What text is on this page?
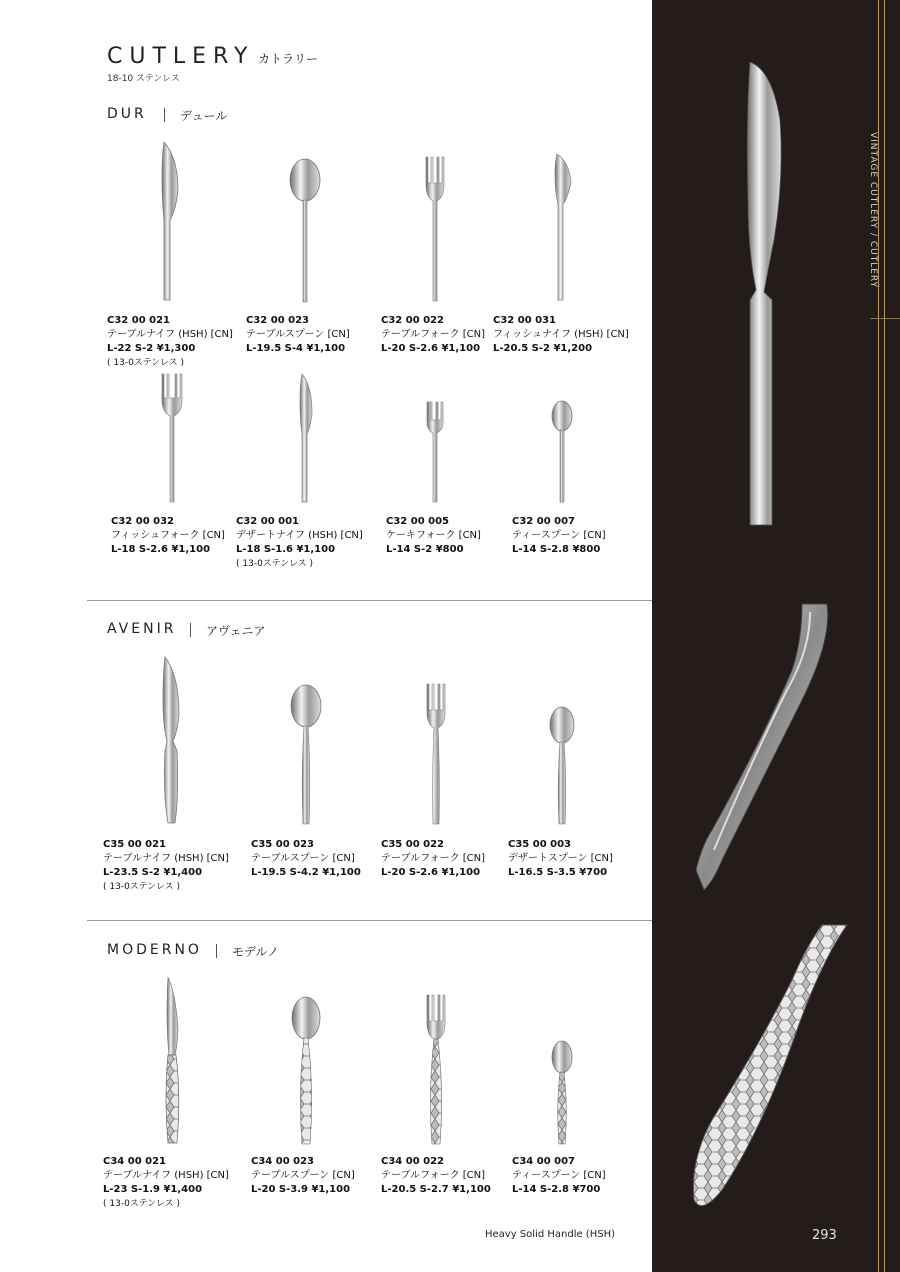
VINTAGE CUTLERY / CUTLERY
CUTLERY カトラリー
18-10 ステンレス
DUR	デュール
C32 00 021
テーブルナイフ (HSH) [CN]
L-22 S-2 ¥1,300
( 13-0ステンレス )
C32 00 023
テーブルスプーン [CN]
L-19.5 S-4 ¥1,100
C32 00 022
テーブルフォーク [CN]
L-20 S-2.6 ¥1,100
C32 00 031
フィッシュナイフ (HSH) [CN]
L-20.5 S-2 ¥1,200
C32 00 032
フィッシュフォーク [CN]
L-18 S-2.6 ¥1,100
C32 00 001
デザートナイフ (HSH) [CN]
L-18 S-1.6 ¥1,100
( 13-0ステンレス )
C32 00 005
ケーキフォーク [CN]
L-14 S-2 ¥800
C32 00 007
ティースプーン [CN]
L-14 S-2.8 ¥800
AVENIR アヴェニア
C35 00 021
テーブルナイフ (HSH) [CN]
L-23.5 S-2 ¥1,400
( 13-0ステンレス )
C35 00 023
テーブルスプーン [CN]
L-19.5 S-4.2 ¥1,100
C35 00 022
テーブルフォーク [CN]
L-20 S-2.6 ¥1,100
C35 00 003
デザートスプーン [CN]
L-16.5 S-3.5 ¥700
MODERNO	モデルノ
C34 00 021
テーブルナイフ (HSH) [CN]
L-23 S-1.9 ¥1,400
( 13-0ステンレス )
C34 00 023
テーブルスプーン [CN]
L-20 S-3.9 ¥1,100
C34 00 022
テーブルフォーク [CN]
L-20.5 S-2.7 ¥1,100
C34 00 007
ティースプーン [CN]
L-14 S-2.8 ¥700
Heavy Solid Handle (HSH)	293
